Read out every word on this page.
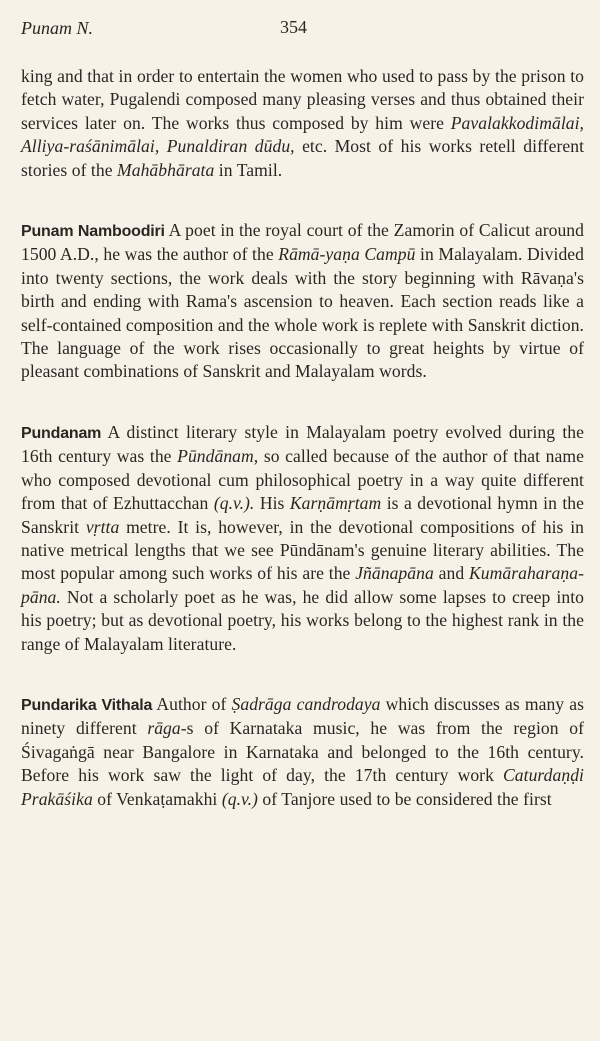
Punam N.	354

king and that in order to entertain the women who used to pass by the prison to fetch water, Pugalendi composed many pleasing verses and thus obtained their services later on. The works thus composed by him were Pavalakkodimālai, Alliya-raśānimālai, Punaldiran dūdu, etc. Most of his works retell different stories of the Mahābhārata in Tamil.

Punam Namboodiri A poet in the royal court of the Zamorin of Calicut around 1500 A.D., he was the author of the Rāmā-yaṇa Campū in Malayalam. Divided into twenty sections, the work deals with the story beginning with Rāvaṇa's birth and ending with Rama's ascension to heaven. Each section reads like a self-contained composition and the whole work is replete with Sanskrit diction. The language of the work rises occasionally to great heights by virtue of pleasant combinations of Sanskrit and Malayalam words.

Pundanam A distinct literary style in Malayalam poetry evolved during the 16th century was the Pūndānam, so called because of the author of that name who composed devotional cum philosophical poetry in a way quite different from that of Ezhuttacchan (q.v.). His Karṇāmṛtam is a devotional hymn in the Sanskrit vṛtta metre. It is, however, in the devotional compositions of his in native metrical lengths that we see Pūndānam's genuine literary abilities. The most popular among such works of his are the Jñānapāna and Kumāraharaṇa-pāna. Not a scholarly poet as he was, he did allow some lapses to creep into his poetry; but as devotional poetry, his works belong to the highest rank in the range of Malayalam literature.

Pundarika Vithala Author of Ṣadrāga candrodaya which discusses as many as ninety different rāga-s of Karnataka music, he was from the region of Śivagaṅgā near Bangalore in Karnataka and belonged to the 16th century. Before his work saw the light of day, the 17th century work Caturdaṇḍi Prakāśika of Venkaṭamakhi (q.v.) of Tanjore used to be considered the first
